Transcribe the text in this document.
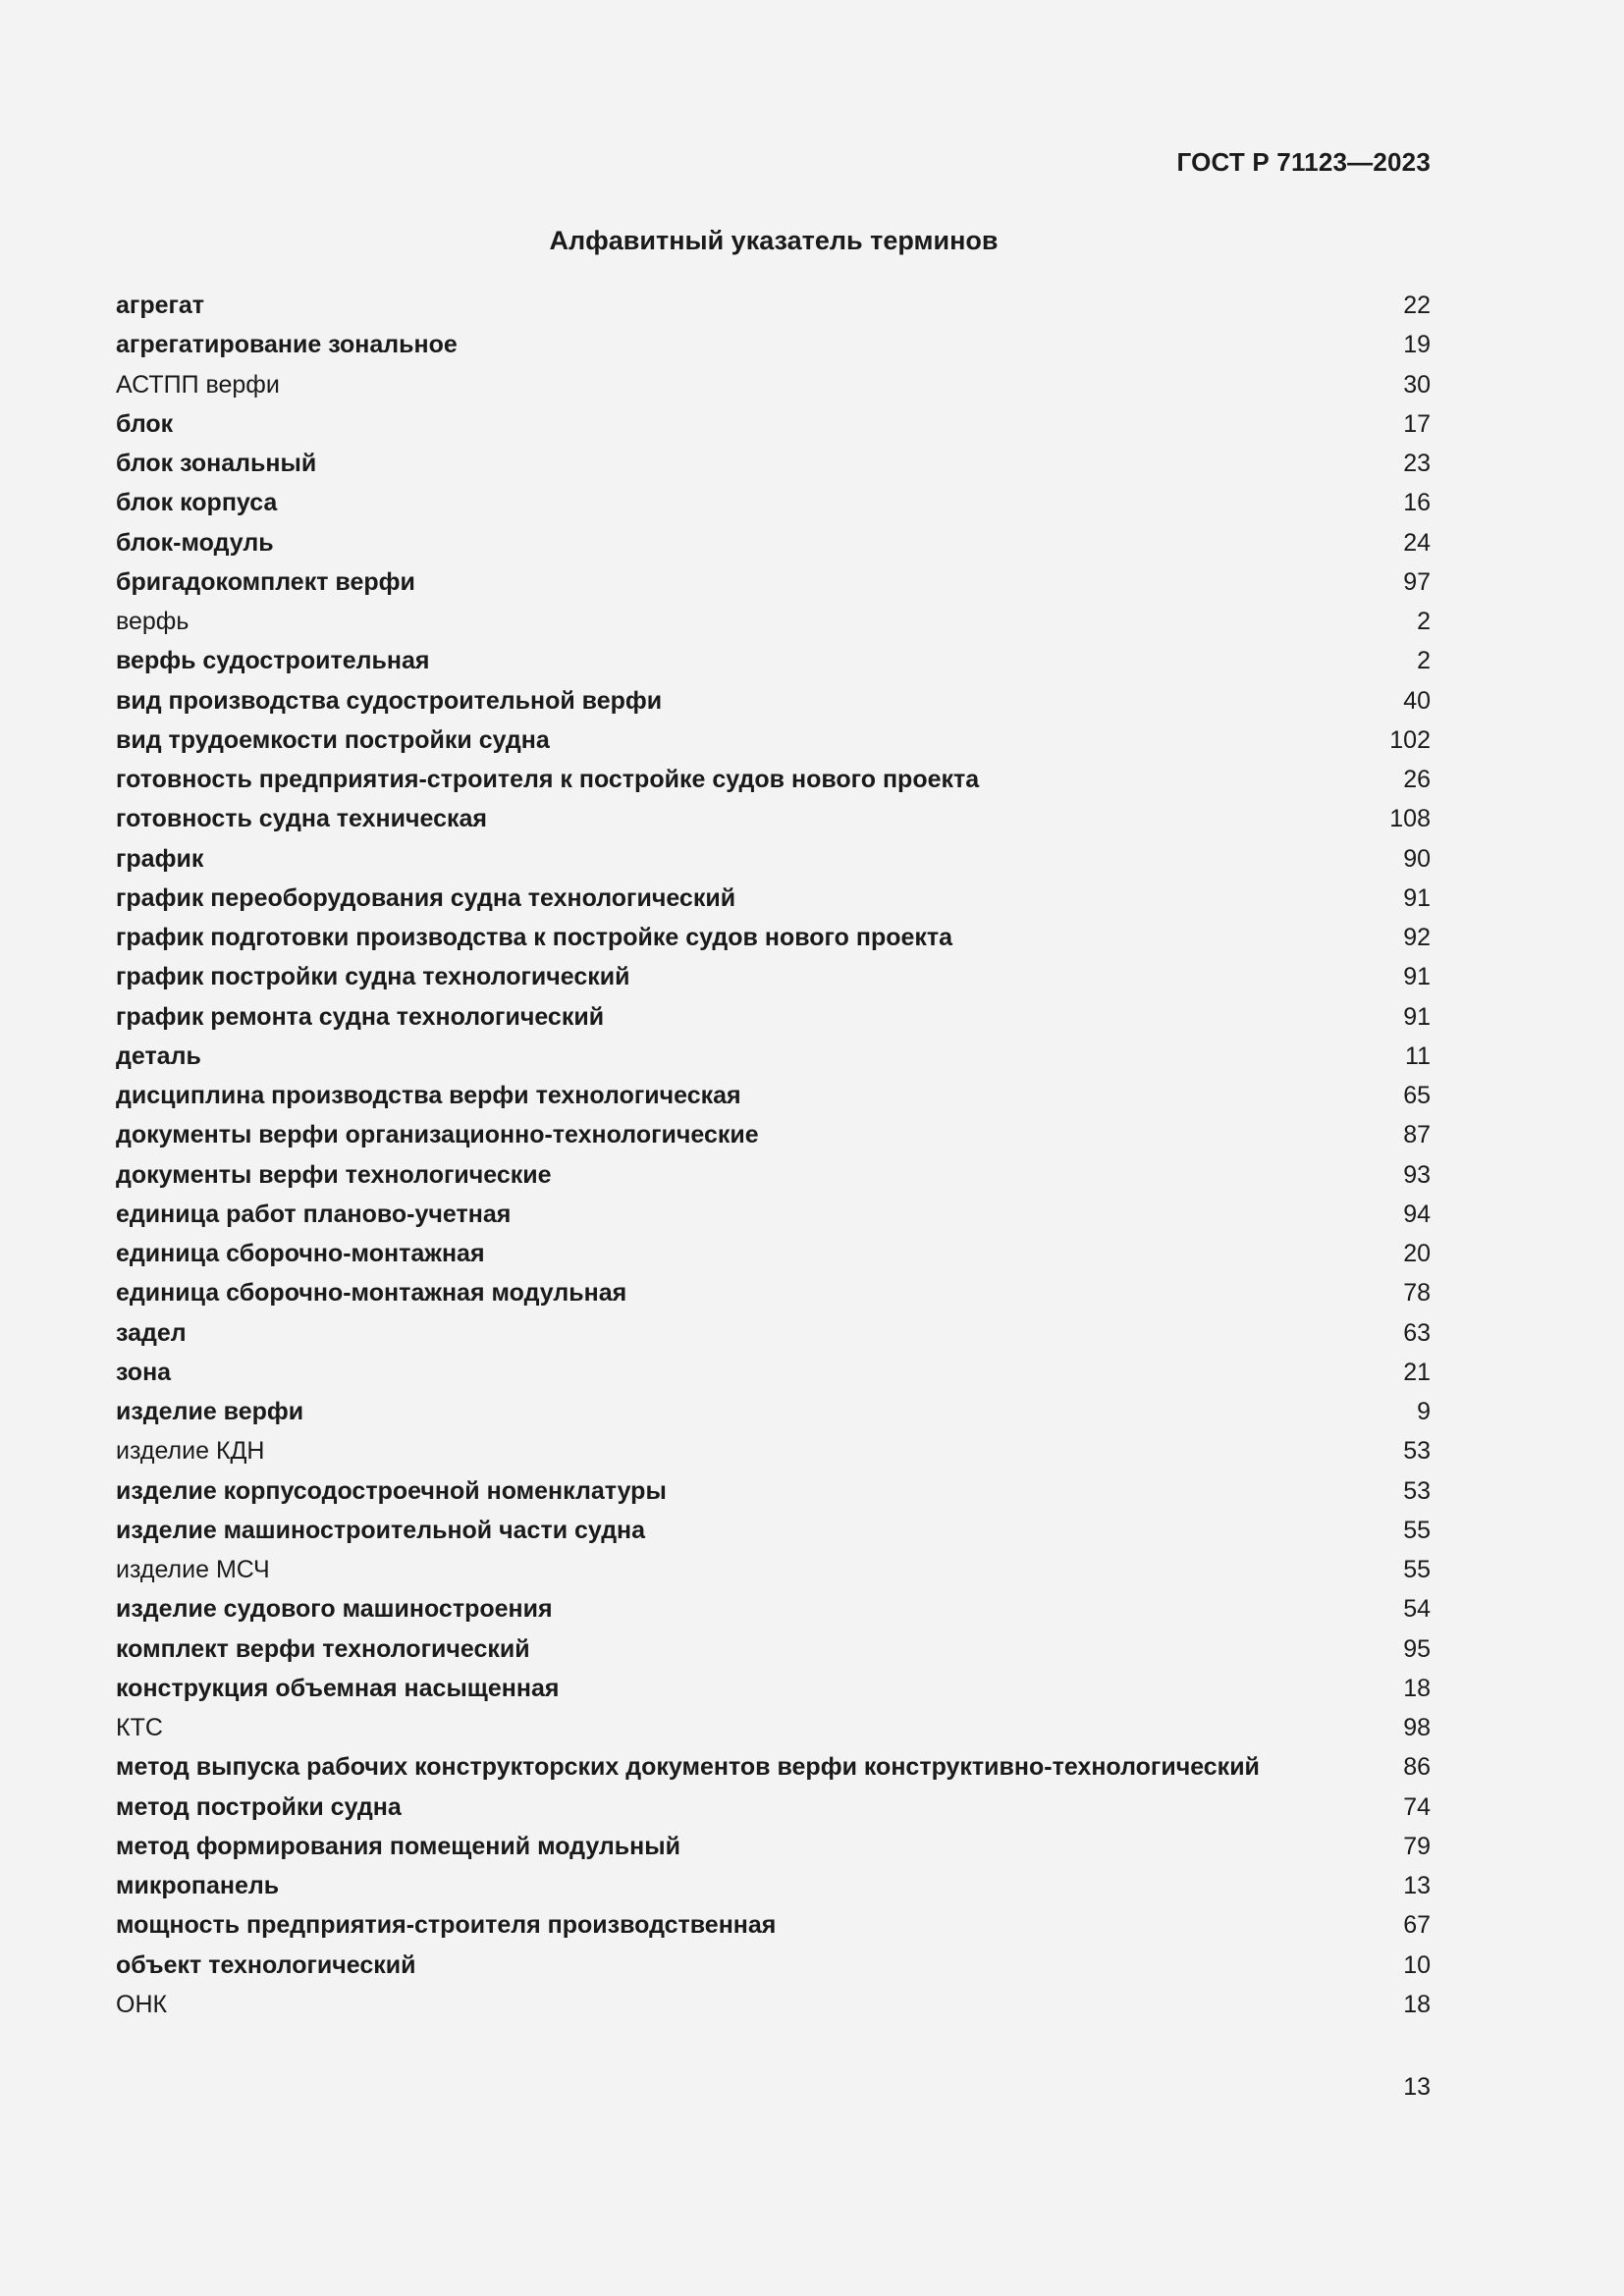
ГОСТ Р 71123—2023
Алфавитный указатель терминов
агрегат	22
агрегатирование зональное	19
АСТПП верфи	30
блок	17
блок зональный	23
блок корпуса	16
блок-модуль	24
бригадокомплект верфи	97
верфь	2
верфь судостроительная	2
вид производства судостроительной верфи	40
вид трудоемкости постройки судна	102
готовность предприятия-строителя к постройке судов нового проекта	26
готовность судна техническая	108
график	90
график переоборудования судна технологический	91
график подготовки производства к постройке судов нового проекта	92
график постройки судна технологический	91
график ремонта судна технологический	91
деталь	11
дисциплина производства верфи технологическая	65
документы верфи организационно-технологические	87
документы верфи технологические	93
единица работ планово-учетная	94
единица сборочно-монтажная	20
единица сборочно-монтажная модульная	78
задел	63
зона	21
изделие верфи	9
изделие КДН	53
изделие корпусодостроечной номенклатуры	53
изделие машиностроительной части судна	55
изделие МСЧ	55
изделие судового машиностроения	54
комплект верфи технологический	95
конструкция объемная насыщенная	18
КТС	98
метод выпуска рабочих конструкторских документов верфи конструктивно-технологический	86
метод постройки судна	74
метод формирования помещений модульный	79
микропанель	13
мощность предприятия-строителя производственная	67
объект технологический	10
ОНК	18
13
